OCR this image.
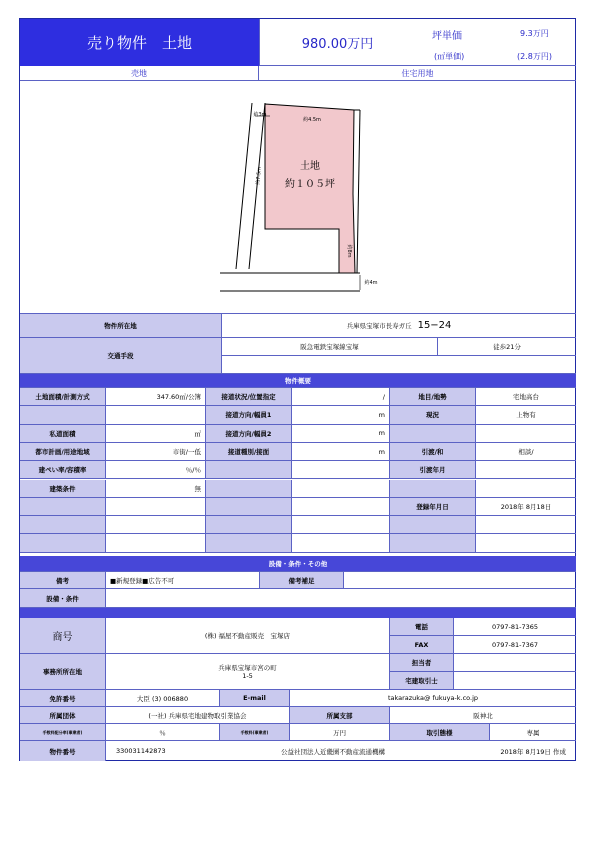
売り物件　土地	980.00万円	坪単価	9.3万円
(㎡単価)	(2.8万円)
売地	住宅用地
土地
約１０５坪
約4.5m
約3m
約7.5m
約8m
約4m
物件所在地	兵庫県宝塚市長寿ガ丘 15−24
交通手段
阪急電鉄宝塚線宝塚	徒歩21分
物件概要
土地面積/計測方式	347.60㎡/公簿	接道状況/位置指定	/	地目/地勢	宅地高台
接道方向/幅員1	m	現況	上物有
私道面積	㎡	接道方向/幅員2	m
都市計画/用途地域	市街/一低	接道種別/接面	m	引渡/和	相談/
建ぺい率/容積率	％/％	引渡年月
建築条件	無
登録年月日	2018年 8月18日
設備・条件・その他
備考	■新規登録■広告不可	備考補足
設備・条件
商号	(株) 福屋不動産販売　宝塚店
電話	0797-81-7365
FAX	0797-81-7367
事務所所在地	兵庫県宝塚市宮の町
1‐5
担当者
宅建取引士
免許番号	大臣 (3) 006880	E-mail	takarazuka@ fukuya-k.co.jp
所属団体	(一社) 兵庫県宅地建物取引業協会	所属支部	阪神北
手数料配分率(事業者)	％	手数料(事業者)	万円	取引態様	専属
物件番号	330031142873	公益社団法人近畿圏不動産流通機構	2018年 8月19日 作成
